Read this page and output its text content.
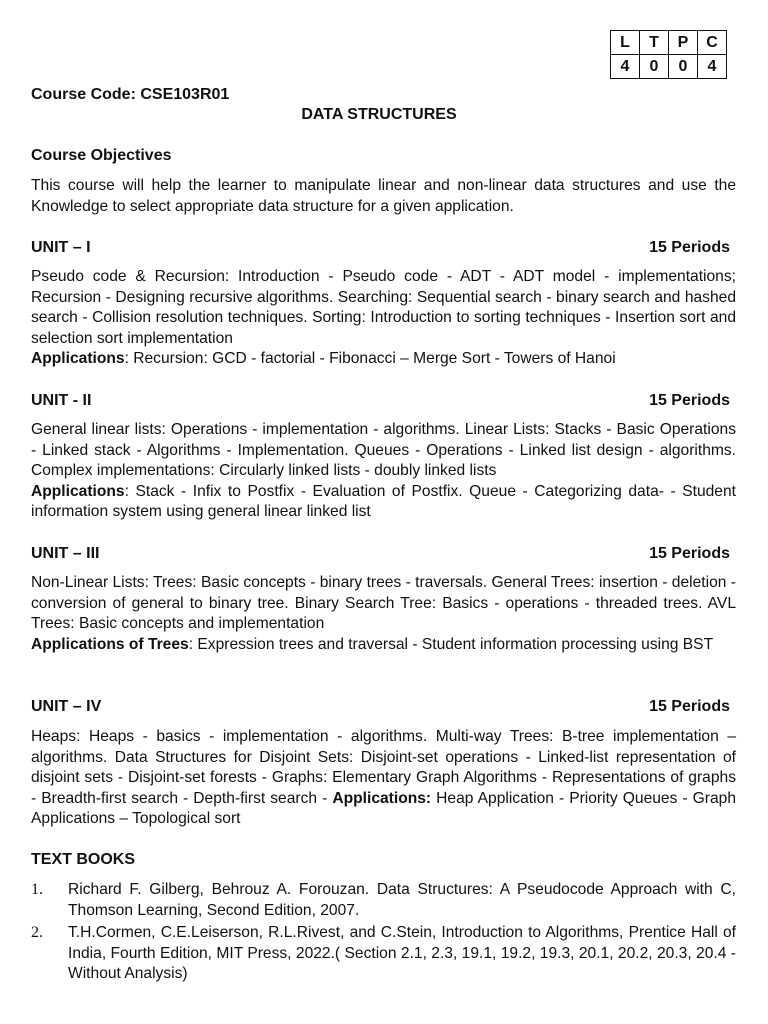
L	T	P	C
4	0	0	4
Course Code: CSE103R01
DATA STRUCTURES
Course Objectives
This course will help the learner to manipulate linear and non-linear data structures and use the Knowledge to select appropriate data structure for a given application.
UNIT – I	15 Periods
Pseudo code & Recursion: Introduction - Pseudo code - ADT - ADT model - implementations; Recursion - Designing recursive algorithms. Searching: Sequential search - binary search and hashed search - Collision resolution techniques. Sorting: Introduction to sorting techniques - Insertion sort and selection sort implementation
Applications: Recursion: GCD - factorial - Fibonacci – Merge Sort - Towers of Hanoi
UNIT - II	15 Periods
General linear lists: Operations - implementation - algorithms. Linear Lists: Stacks - Basic Operations - Linked stack - Algorithms - Implementation. Queues - Operations - Linked list design - algorithms. Complex implementations: Circularly linked lists - doubly linked lists
Applications: Stack - Infix to Postfix - Evaluation of Postfix. Queue - Categorizing data- - Student information system using general linear linked list
UNIT – III	15 Periods
Non-Linear Lists: Trees: Basic concepts - binary trees - traversals. General Trees: insertion - deletion - conversion of general to binary tree. Binary Search Tree: Basics - operations - threaded trees. AVL Trees: Basic concepts and implementation
Applications of Trees: Expression trees and traversal - Student information processing using BST
UNIT – IV	15 Periods
Heaps: Heaps - basics - implementation - algorithms. Multi-way Trees: B-tree implementation – algorithms. Data Structures for Disjoint Sets: Disjoint-set operations - Linked-list representation of disjoint sets - Disjoint-set forests - Graphs: Elementary Graph Algorithms - Representations of graphs - Breadth-first search - Depth-first search - Applications: Heap Application - Priority Queues - Graph Applications – Topological sort
TEXT BOOKS
1.	Richard F. Gilberg, Behrouz A. Forouzan. Data Structures: A Pseudocode Approach with C, Thomson Learning, Second Edition, 2007.
2.	T.H.Cormen, C.E.Leiserson, R.L.Rivest, and C.Stein, Introduction to Algorithms, Prentice Hall of India, Fourth Edition, MIT Press, 2022.( Section 2.1, 2.3, 19.1, 19.2, 19.3, 20.1, 20.2, 20.3, 20.4 - Without Analysis)
